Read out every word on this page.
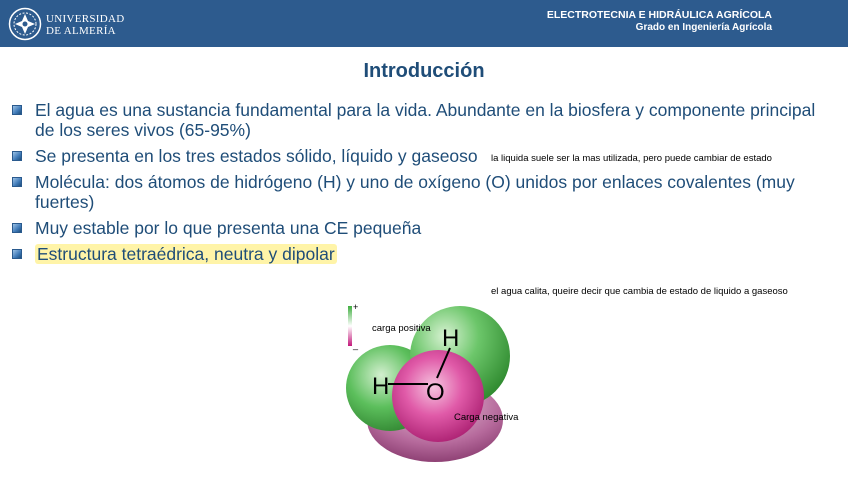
UNIVERSIDAD
DE ALMERÍA
ELECTROTECNIA E HIDRÁULICA AGRÍCOLA
Grado en Ingeniería Agrícola
Introducción
El agua es una sustancia fundamental para la vida. Abundante en la biosfera y componente principal de los seres vivos (65-95%)
Se presenta en los tres estados sólido, líquido y gaseoso
Molécula: dos átomos de hidrógeno (H) y uno de oxígeno (O) unidos por enlaces covalentes (muy fuertes)
Muy estable por lo que presenta una CE pequeña
Estructura tetraédrica, neutra y dipolar
la liquida suele ser la mas utilizada, pero puede cambiar de estado
el agua calita, queire decir que cambia de estado de liquido a gaseoso
+
_
H
H
O
carga positiva
Carga negativa
